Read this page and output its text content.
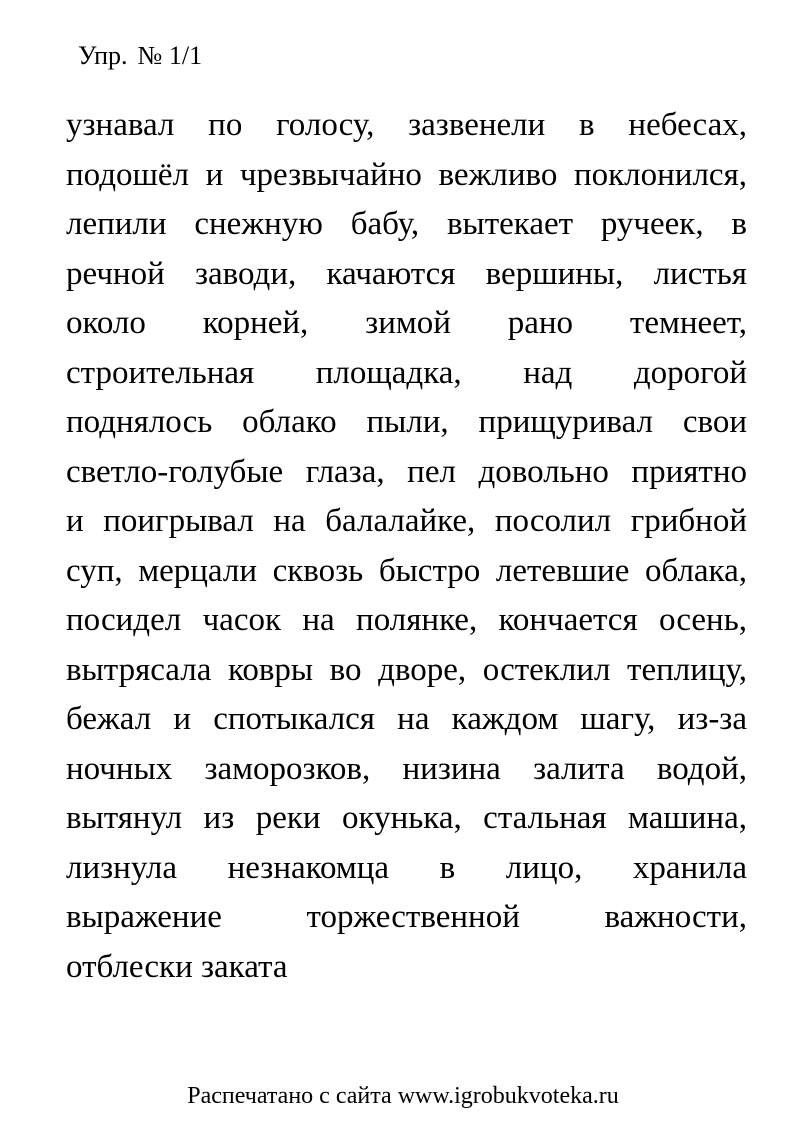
Упр. № 1/1
узнавал по голосу, зазвенели в небесах,
подошёл и чрезвычайно вежливо поклонился,
лепили снежную бабу, вытекает ручеек, в
речной заводи, качаются вершины, листья
около корней, зимой рано темнеет,
строительная площадка, над дорогой
поднялось облако пыли, прищуривал свои
светло-голубые глаза, пел довольно приятно
и поигрывал на балалайке, посолил грибной
суп, мерцали сквозь быстро летевшие облака,
посидел часок на полянке, кончается осень,
вытрясала ковры во дворе, остеклил теплицу,
бежал и спотыкался на каждом шагу, из-за
ночных заморозков, низина залита водой,
вытянул из реки окунька, стальная машина,
лизнула незнакомца в лицо, хранила
выражение торжественной важности,
отблески заката
Распечатано с сайта www.igrobukvoteka.ru
